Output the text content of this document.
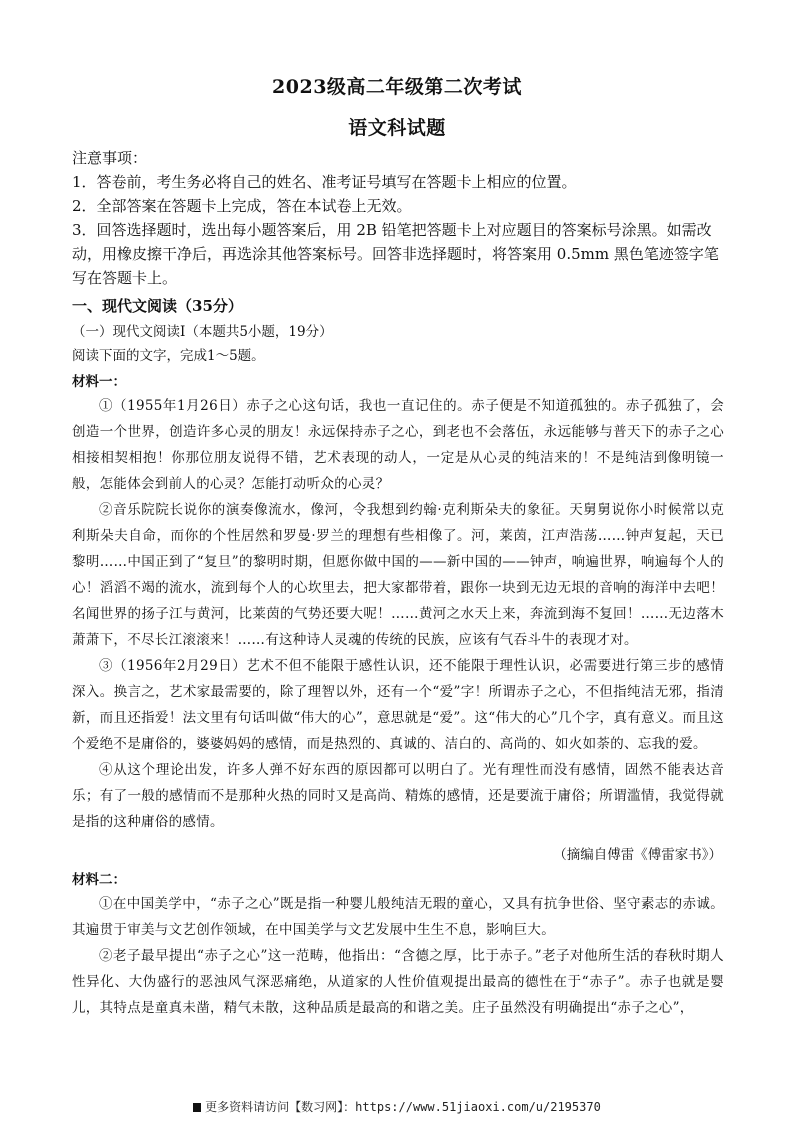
2023级高二年级第二次考试
语文科试题

注意事项：

1．答卷前，考生务必将自己的姓名、准考证号填写在答题卡上相应的位置。

2．全部答案在答题卡上完成，答在本试卷上无效。

3．回答选择题时，选出每小题答案后，用 2B 铅笔把答题卡上对应题目的答案标号涂黑。如需改动，用橡皮擦干净后，再选涂其他答案标号。回答非选择题时，将答案用 0.5mm 黑色笔迹签字笔写在答题卡上。

一、现代文阅读（35分）
（一）现代文阅读Ⅰ（本题共5小题，19分）
阅读下面的文字，完成1～5题。
材料一：

①（1955年1月26日）赤子之心这句话，我也一直记住的。赤子便是不知道孤独的。赤子孤独了，会创造一个世界，创造许多心灵的朋友！永远保持赤子之心，到老也不会落伍，永远能够与普天下的赤子之心相接相契相抱！你那位朋友说得不错，艺术表现的动人，一定是从心灵的纯洁来的！不是纯洁到像明镜一般，怎能体会到前人的心灵？怎能打动听众的心灵？

②音乐院院长说你的演奏像流水，像河，令我想到约翰·克利斯朵夫的象征。天舅舅说你小时候常以克利斯朵夫自命，而你的个性居然和罗曼·罗兰的理想有些相像了。河，莱茵，江声浩荡……钟声复起，天已黎明……中国正到了“复旦”的黎明时期，但愿你做中国的——新中国的——钟声，响遍世界，响遍每个人的心！滔滔不竭的流水，流到每个人的心坎里去，把大家都带着，跟你一块到无边无垠的音响的海洋中去吧！名闻世界的扬子江与黄河，比莱茵的气势还要大呢！……黄河之水天上来，奔流到海不复回！……无边落木萧萧下，不尽长江滚滚来！……有这种诗人灵魂的传统的民族，应该有气吞斗牛的表现才对。

③（1956年2月29日）艺术不但不能限于感性认识，还不能限于理性认识，必需要进行第三步的感情深入。换言之，艺术家最需要的，除了理智以外，还有一个“爱”字！所谓赤子之心，不但指纯洁无邪，指清新，而且还指爱！法文里有句话叫做“伟大的心”，意思就是“爱”。这“伟大的心”几个字，真有意义。而且这个爱绝不是庸俗的，婆婆妈妈的感情，而是热烈的、真诚的、洁白的、高尚的、如火如荼的、忘我的爱。

④从这个理论出发，许多人弹不好东西的原因都可以明白了。光有理性而没有感情，固然不能表达音乐；有了一般的感情而不是那种火热的同时又是高尚、精炼的感情，还是要流于庸俗；所谓滥情，我觉得就是指的这种庸俗的感情。

（摘编自傅雷《傅雷家书》）
材料二：

①在中国美学中，“赤子之心”既是指一种婴儿般纯洁无瑕的童心，又具有抗争世俗、坚守素志的赤诚。其遍贯于审美与文艺创作领域，在中国美学与文艺发展中生生不息，影响巨大。

②老子最早提出“赤子之心”这一范畴，他指出：“含德之厚，比于赤子。”老子对他所生活的春秋时期人性异化、大伪盛行的恶浊风气深恶痛绝，从道家的人性价值观提出最高的德性在于“赤子”。赤子也就是婴儿，其特点是童真未凿，精气未散，这种品质是最高的和谐之美。庄子虽然没有明确提出“赤子之心”，

更多资料请访问【数习网】：https://www.51jiaoxi.com/u/2195370
